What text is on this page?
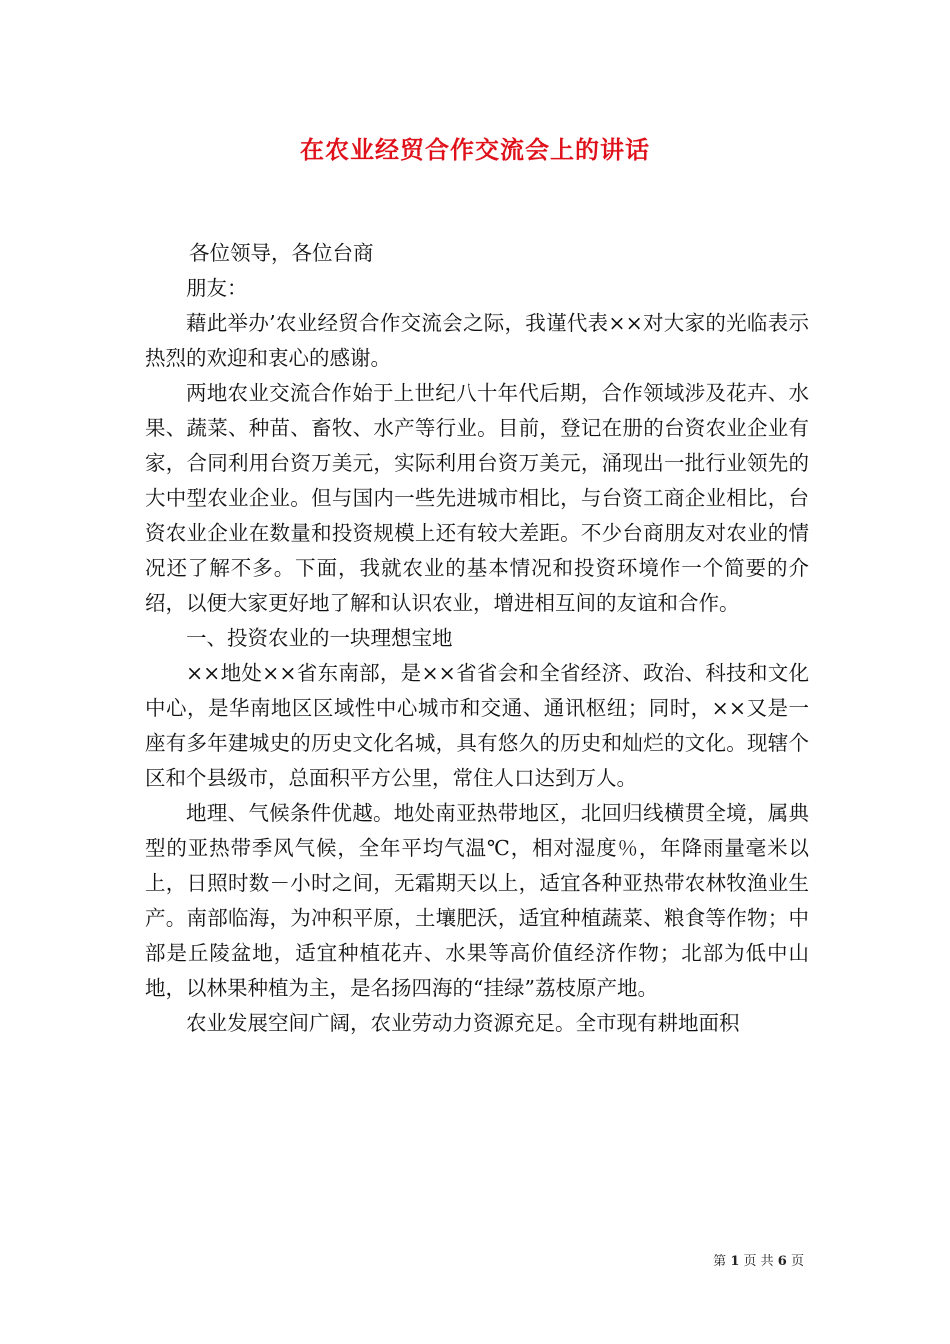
在农业经贸合作交流会上的讲话

各位领导，各位台商

朋友：

藉此举办’农业经贸合作交流会之际，我谨代表××对大家的光临表示热烈的欢迎和衷心的感谢。

两地农业交流合作始于上世纪八十年代后期，合作领域涉及花卉、水果、蔬菜、种苗、畜牧、水产等行业。目前，登记在册的台资农业企业有家，合同利用台资万美元，实际利用台资万美元，涌现出一批行业领先的大中型农业企业。但与国内一些先进城市相比，与台资工商企业相比，台资农业企业在数量和投资规模上还有较大差距。不少台商朋友对农业的情况还了解不多。下面，我就农业的基本情况和投资环境作一个简要的介绍，以便大家更好地了解和认识农业，增进相互间的友谊和合作。

一、投资农业的一块理想宝地

××地处××省东南部，是××省省会和全省经济、政治、科技和文化中心，是华南地区区域性中心城市和交通、通讯枢纽；同时，××又是一座有多年建城史的历史文化名城，具有悠久的历史和灿烂的文化。现辖个区和个县级市，总面积平方公里，常住人口达到万人。

地理、气候条件优越。地处南亚热带地区，北回归线横贯全境，属典型的亚热带季风气候，全年平均气温℃，相对湿度％，年降雨量毫米以上，日照时数－小时之间，无霜期天以上，适宜各种亚热带农林牧渔业生产。南部临海，为冲积平原，土壤肥沃，适宜种植蔬菜、粮食等作物；中部是丘陵盆地，适宜种植花卉、水果等高价值经济作物；北部为低中山地，以林果种植为主，是名扬四海的“挂绿”荔枝原产地。

农业发展空间广阔，农业劳动力资源充足。全市现有耕地面积

第 1 页 共 6 页
